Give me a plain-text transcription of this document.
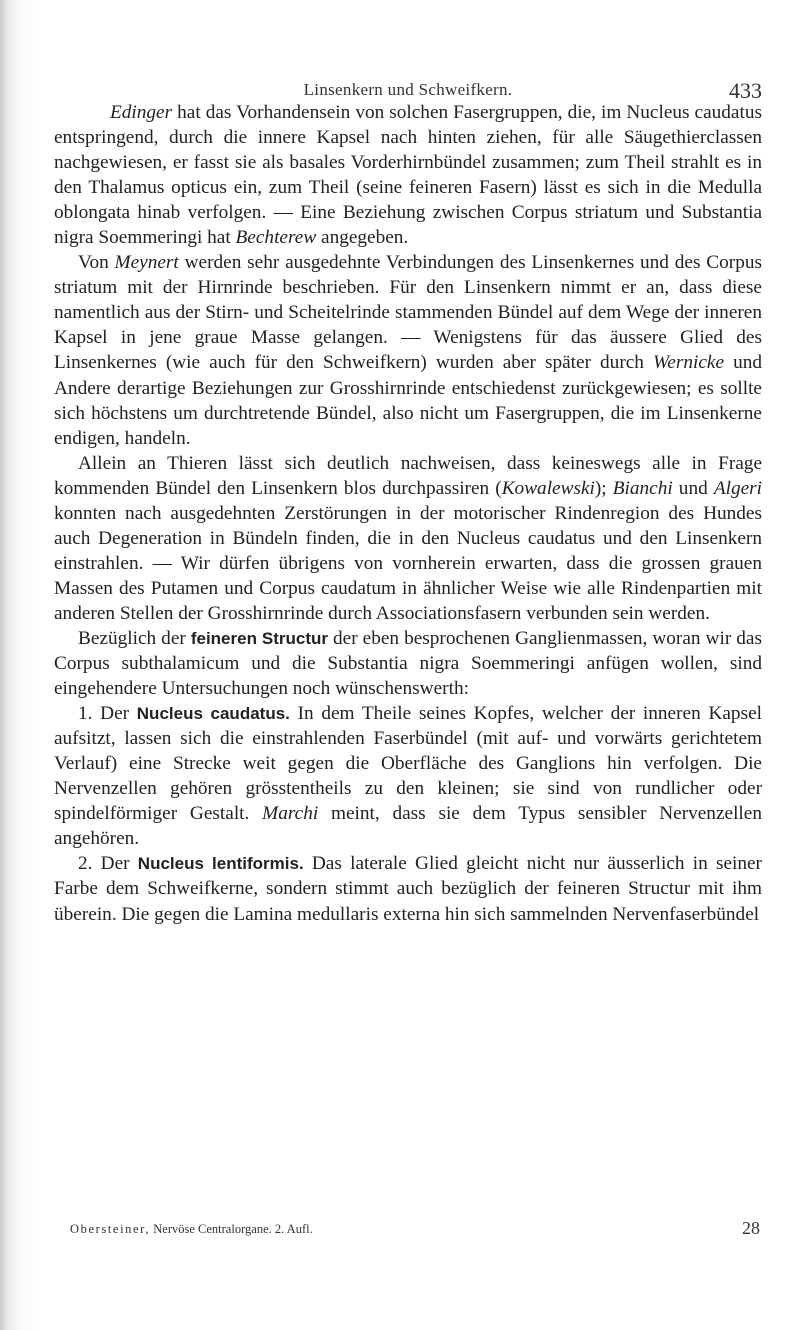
Linsenkern und Schweifkern.	433

Edinger hat das Vorhandensein von solchen Fasergruppen, die, im Nucleus caudatus entspringend, durch die innere Kapsel nach hinten ziehen, für alle Säugethierclassen nachgewiesen, er fasst sie als basales Vorderhirnbündel zusammen; zum Theil strahlt es in den Thalamus opticus ein, zum Theil (seine feineren Fasern) lässt es sich in die Medulla oblongata hinab verfolgen. — Eine Beziehung zwischen Corpus striatum und Substantia nigra Soemmeringi hat Bechterew angegeben.

Von Meynert werden sehr ausgedehnte Verbindungen des Linsenkernes und des Corpus striatum mit der Hirnrinde beschrieben. Für den Linsenkern nimmt er an, dass diese namentlich aus der Stirn- und Scheitelrinde stammenden Bündel auf dem Wege der inneren Kapsel in jene graue Masse gelangen. — Wenigstens für das äussere Glied des Linsenkernes (wie auch für den Schweifkern) wurden aber später durch Wernicke und Andere derartige Beziehungen zur Grosshirnrinde entschiedenst zurückgewiesen; es sollte sich höchstens um durchtretende Bündel, also nicht um Fasergruppen, die im Linsenkerne endigen, handeln.

Allein an Thieren lässt sich deutlich nachweisen, dass keineswegs alle in Frage kommenden Bündel den Linsenkern blos durchpassiren (Kowalewski); Bianchi und Algeri konnten nach ausgedehnten Zerstörungen in der motorischer Rindenregion des Hundes auch Degeneration in Bündeln finden, die in den Nucleus caudatus und den Linsenkern einstrahlen. — Wir dürfen übrigens von vornherein erwarten, dass die grossen grauen Massen des Putamen und Corpus caudatum in ähnlicher Weise wie alle Rindenpartien mit anderen Stellen der Grosshirnrinde durch Associationsfasern verbunden sein werden.

Bezüglich der feineren Structur der eben besprochenen Ganglienmassen, woran wir das Corpus subthalamicum und die Substantia nigra Soemmeringi anfügen wollen, sind eingehendere Untersuchungen noch wünschenswerth:

1. Der Nucleus caudatus. In dem Theile seines Kopfes, welcher der inneren Kapsel aufsitzt, lassen sich die einstrahlenden Faserbündel (mit auf- und vorwärts gerichtetem Verlauf) eine Strecke weit gegen die Oberfläche des Ganglions hin verfolgen. Die Nervenzellen gehören grösstentheils zu den kleinen; sie sind von rundlicher oder spindelförmiger Gestalt. Marchi meint, dass sie dem Typus sensibler Nervenzellen angehören.

2. Der Nucleus lentiformis. Das laterale Glied gleicht nicht nur äusserlich in seiner Farbe dem Schweifkerne, sondern stimmt auch bezüglich der feineren Structur mit ihm überein. Die gegen die Lamina medullaris externa hin sich sammelnden Nervenfaserbündel

Obersteiner, Nervöse Centralorgane. 2. Aufl.	28
